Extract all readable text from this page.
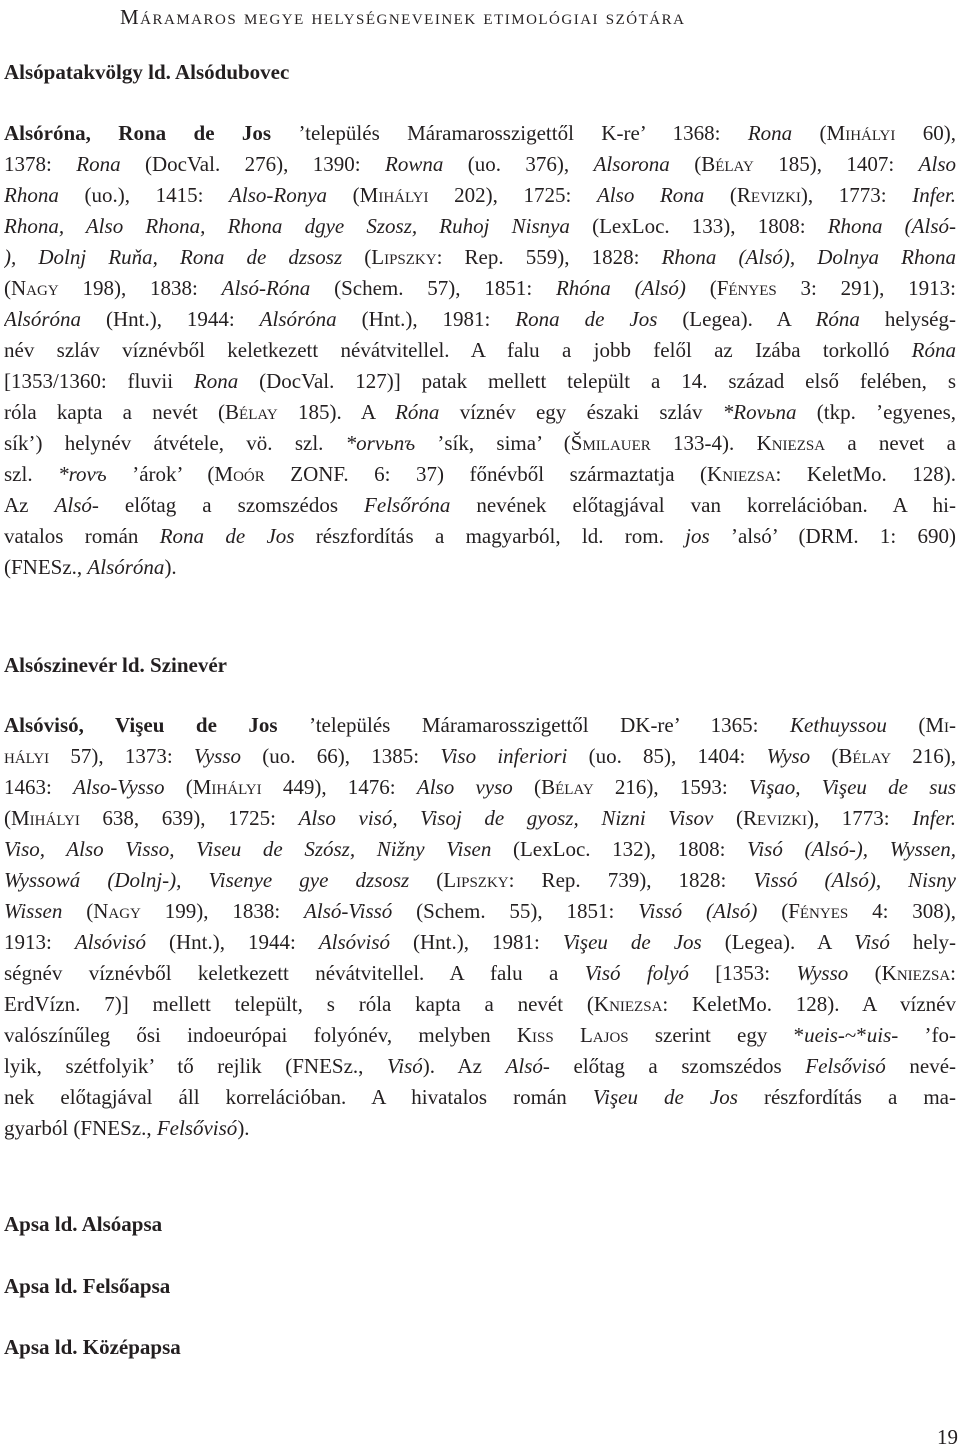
Máramaros megye helységneveinek etimológiai szótára
Alsópatakvölgy ld. Alsódubovec
Alsóróna, Rona de Jos ’település Máramarosszigettől K-re’ 1368: Rona (Mihályi 60),
1378: Rona (DocVal. 276), 1390: Rowna (uo. 376), Alsorona (Bélay 185), 1407: Also
Rhona (uo.), 1415: Also-Ronya (Mihályi 202), 1725: Also Rona (Revizki), 1773: Infer.
Rhona, Also Rhona, Rhona dgye Szosz, Ruhoj Nisnya (LexLoc. 133), 1808: Rhona (Alsó-
), Dolnj Ruňa, Rona de dzsosz (Lipszky: Rep. 559), 1828: Rhona (Alsó), Dolnya Rhona
(Nagy 198), 1838: Alsó-Róna (Schem. 57), 1851: Rhóna (Alsó) (Fényes 3: 291), 1913:
Alsóróna (Hnt.), 1944: Alsóróna (Hnt.), 1981: Rona de Jos (Legea). A Róna helység-
név szláv víznévből keletkezett névátvitellel. A falu a jobb felől az Izába torkolló Róna
[1353/1360: fluvii Rona (DocVal. 127)] patak mellett települt a 14. század első felében, s
róla kapta a nevét (Bélay 185). A Róna víznév egy északi szláv *Rovьna (tkp. ’egyenes,
sík’) helynév átvétele, vö. szl. *orvьnъ ’sík, sima’ (Šmilauer 133-4). Kniezsa a nevet a
szl. *rovъ ’árok’ (Moór ZONF. 6: 37) főnévből származtatja (Kniezsa: KeletMo. 128).
Az Alsó- előtag a szomszédos Felsőróna nevének előtagjával van korrelációban. A hi-
vatalos román Rona de Jos részfordítás a magyarból, ld. rom. jos ’alsó’ (DRM. 1: 690)
(FNESz., Alsóróna).
Alsószinevér ld. Szinevér
Alsóvisó, Vişeu de Jos ’település Máramarosszigettől DK-re’ 1365: Kethuyssou (Mi-
hályi 57), 1373: Vysso (uo. 66), 1385: Viso inferiori (uo. 85), 1404: Wyso (Bélay 216),
1463: Also-Vysso (Mihályi 449), 1476: Also vyso (Bélay 216), 1593: Vişao, Vişeu de sus
(Mihályi 638, 639), 1725: Also visó, Visoj de gyosz, Nizni Visov (Revizki), 1773: Infer.
Viso, Also Visso, Viseu de Szósz, Nižny Visen (LexLoc. 132), 1808: Visó (Alsó-), Wyssen,
Wyssowá (Dolnj-), Visenye gye dzsosz (Lipszky: Rep. 739), 1828: Vissó (Alsó), Nisny
Wissen (Nagy 199), 1838: Alsó-Vissó (Schem. 55), 1851: Vissó (Alsó) (Fényes 4: 308),
1913: Alsóvisó (Hnt.), 1944: Alsóvisó (Hnt.), 1981: Vişeu de Jos (Legea). A Visó hely-
ségnév víznévből keletkezett névátvitellel. A falu a Visó folyó [1353: Wysso (Kniezsa:
ErdVízn. 7)] mellett települt, s róla kapta a nevét (Kniezsa: KeletMo. 128). A víznév
valószínűleg ősi indoeurópai folyónév, melyben Kiss Lajos szerint egy *ueis-~*uis- ’fo-
lyik, szétfolyik’ tő rejlik (FNESz., Visó). Az Alsó- előtag a szomszédos Felsővisó nevé-
nek előtagjával áll korrelációban. A hivatalos román Vişeu de Jos részfordítás a ma-
gyarból (FNESz., Felsővisó).
Apsa ld. Alsóapsa
Apsa ld. Felsőapsa
Apsa ld. Középapsa
19
